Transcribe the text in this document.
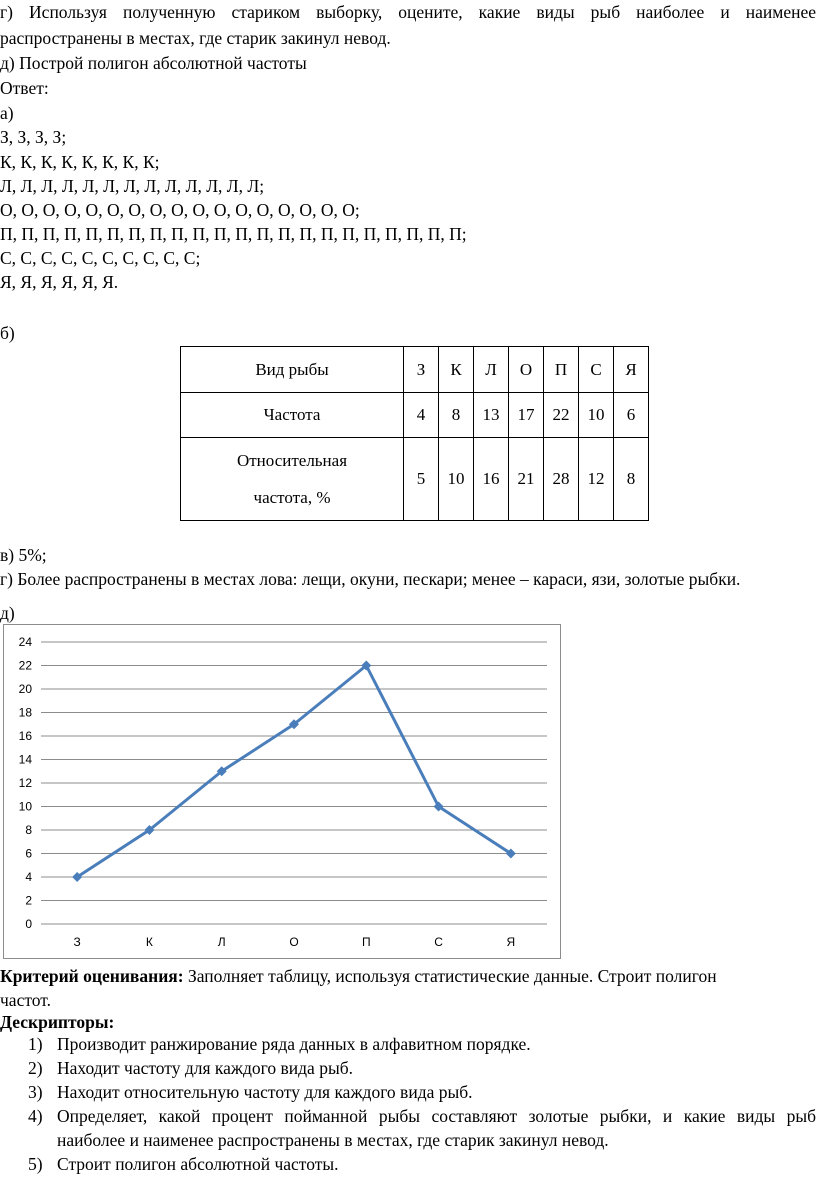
г) Используя полученную стариком выборку, оцените, какие виды рыб наиболее и наименее
распространены в местах, где старик закинул невод.
д) Построй полигон абсолютной частоты
Ответ:
а)
З, З, З, З;
К, К, К, К, К, К, К, К;
Л, Л, Л, Л, Л, Л, Л, Л, Л, Л, Л, Л, Л;
О, О, О, О, О, О, О, О, О, О, О, О, О, О, О, О, О;
П, П, П, П, П, П, П, П, П, П, П, П, П, П, П, П, П, П, П, П, П, П;
С, С, С, С, С, С, С, С, С, С;
Я, Я, Я, Я, Я, Я.
б)
Вид рыбы	З	К	Л	О	П	С	Я
Частота	4	8	13	17	22	10	6
Относительная
частота, %	5	10	16	21	28	12	8
в) 5%;
г) Более распространены в местах лова: лещи, окуни, пескари; менее – караси, язи, золотые рыбки.
д)
0
2
4
6
8
10
12
14
16
18
20
22
24
З	К	Л	О	П	С	Я
Критерий оценивания: Заполняет таблицу, используя статистические данные. Строит полигон
частот.
Дескрипторы:
1) Производит ранжирование ряда данных в алфавитном порядке.
2) Находит частоту для каждого вида рыб.
3) Находит относительную частоту для каждого вида рыб.
4) Определяет, какой процент пойманной рыбы составляют золотые рыбки, и какие виды рыб
наиболее и наименее распространены в местах, где старик закинул невод.
5) Строит полигон абсолютной частоты.
